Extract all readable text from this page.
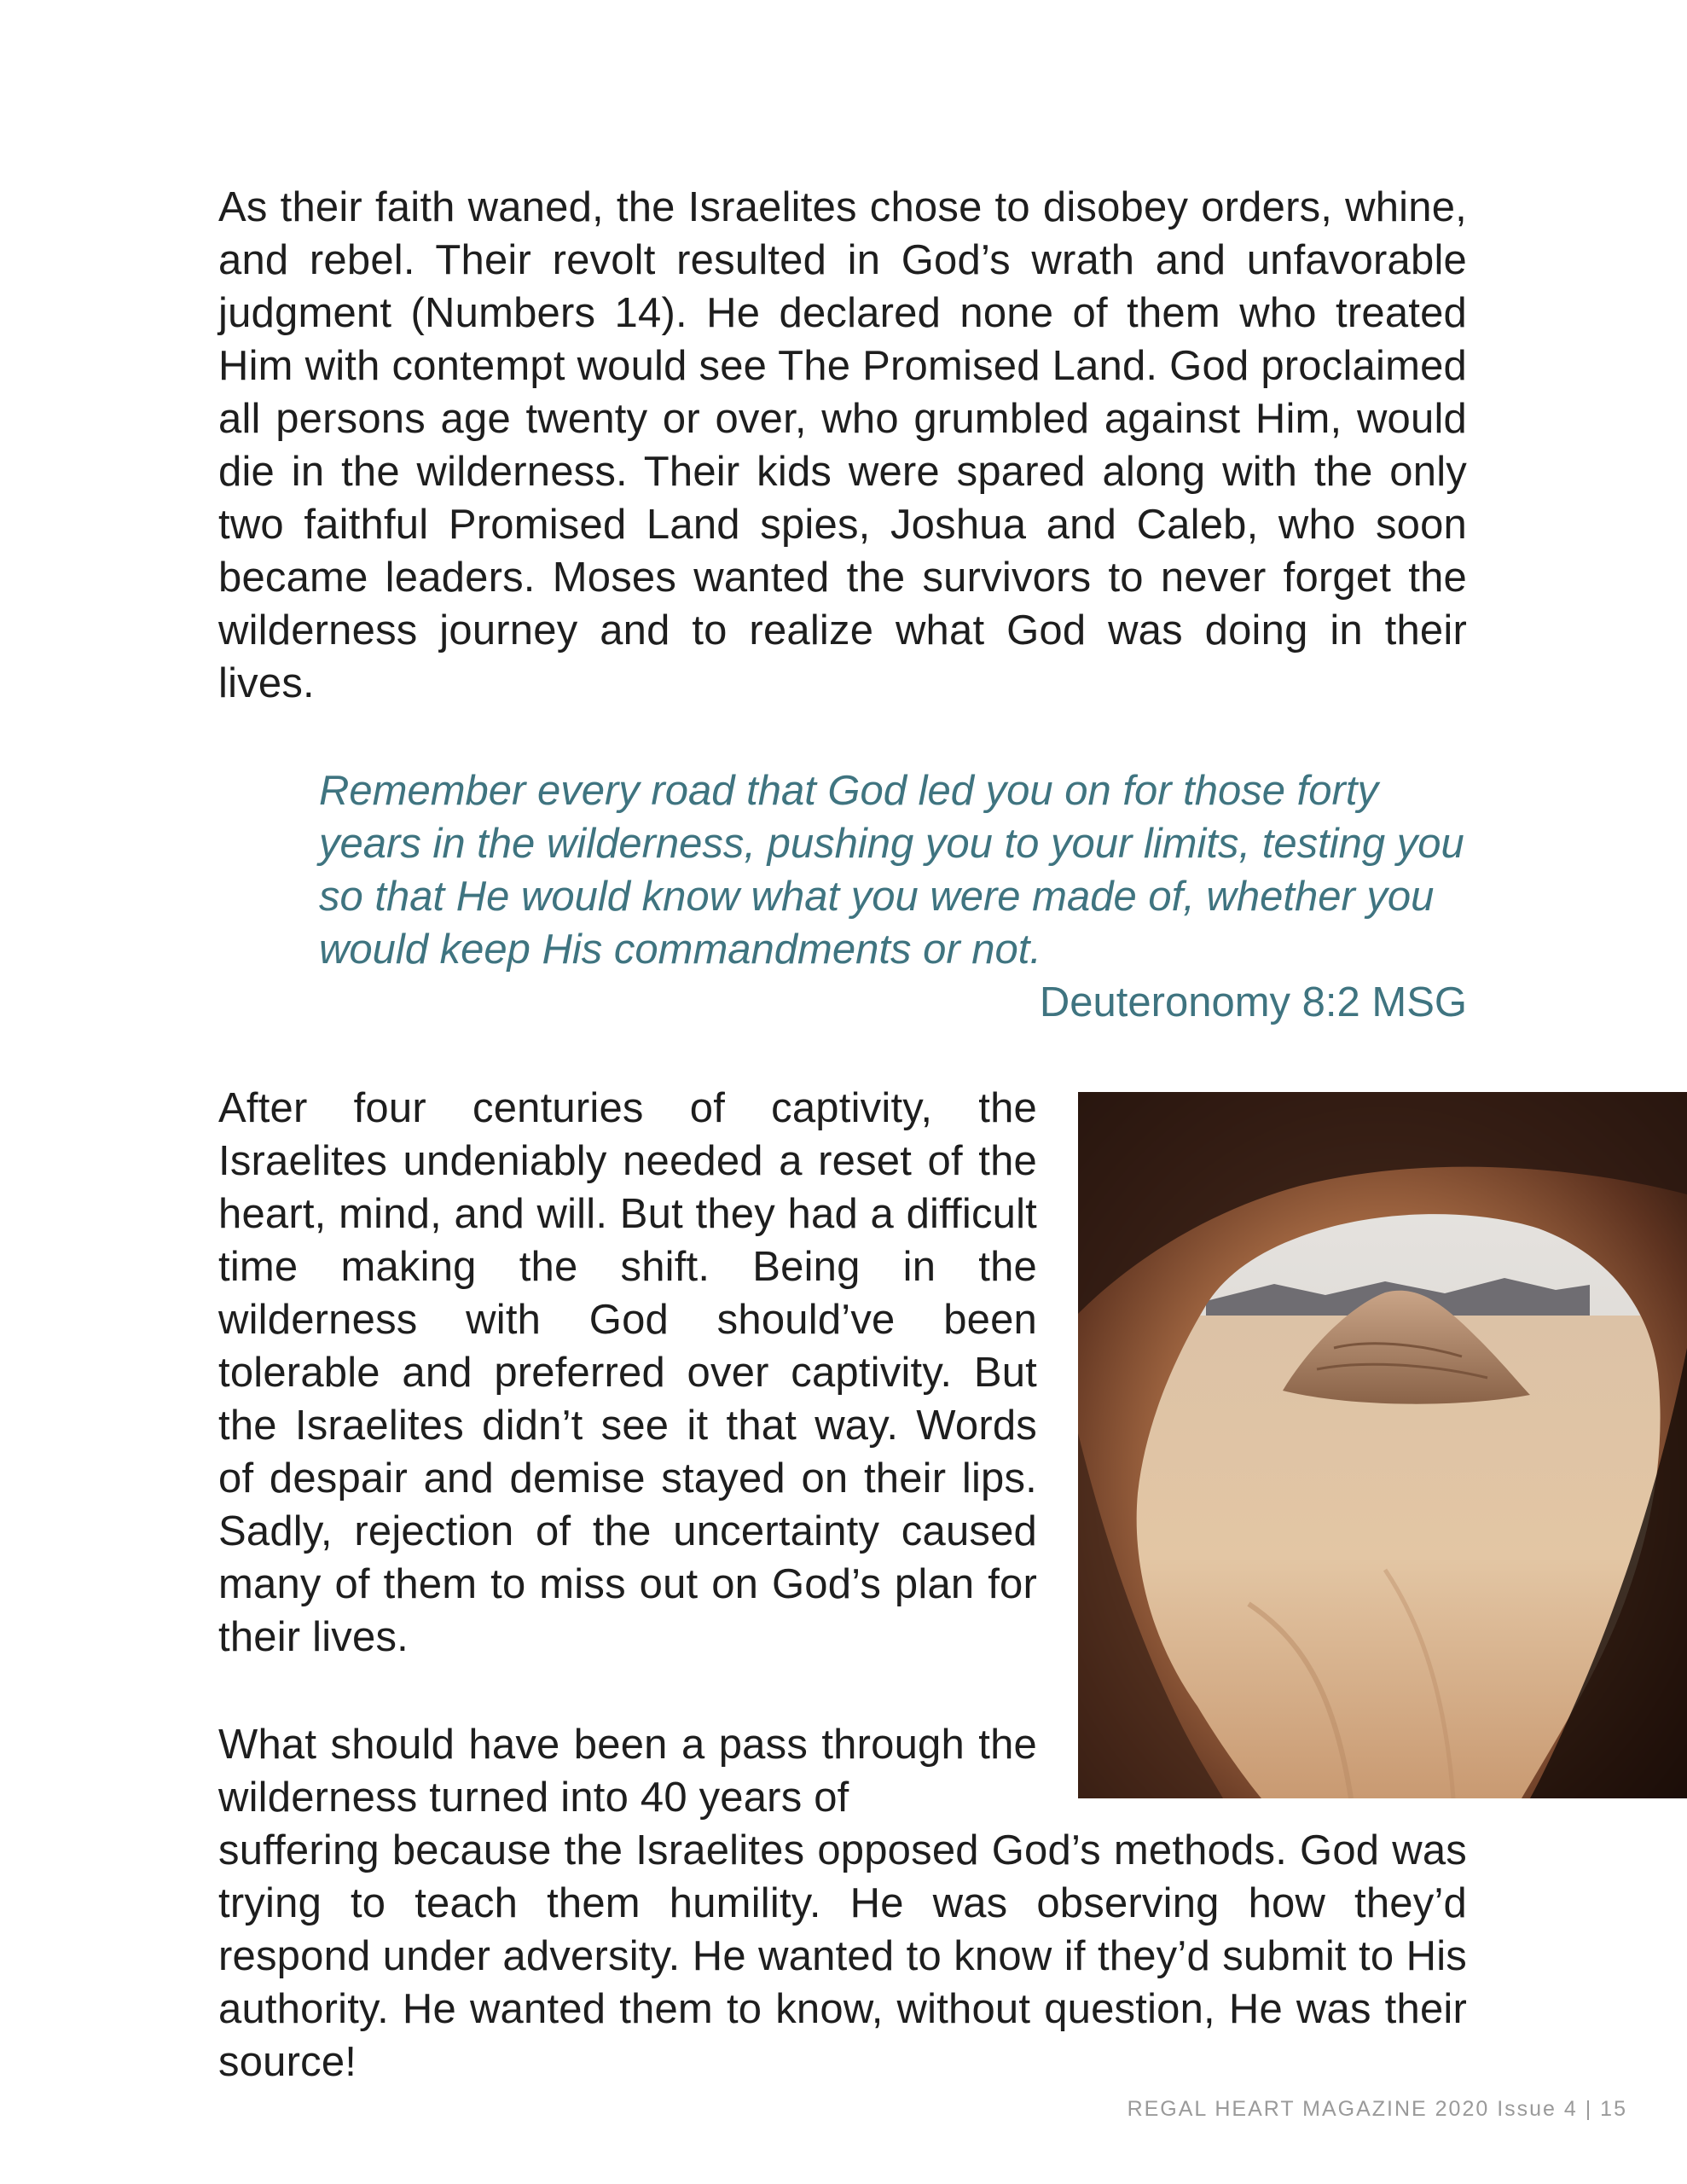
As their faith waned, the Israelites chose to disobey orders, whine, and rebel. Their revolt resulted in God’s wrath and unfavorable judgment (Numbers 14). He declared none of them who treated Him with contempt would see The Promised Land. God proclaimed all persons age twenty or over, who grumbled against Him, would die in the wilderness. Their kids were spared along with the only two faithful Promised Land spies, Joshua and Caleb, who soon became leaders. Moses wanted the survivors to never forget the wilderness journey and to realize what God was doing in their lives.

Remember every road that God led you on for those forty years in the wilderness, pushing you to your limits, testing you so that He would know what you were made of, whether you would keep His commandments or not.
Deuteronomy 8:2 MSG

After four centuries of captivity, the Israelites undeniably needed a reset of the heart, mind, and will. But they had a difficult time making the shift. Being in the wilderness with God should’ve been tolerable and preferred over captivity. But the Israelites didn’t see it that way. Words of despair and demise stayed on their lips. Sadly, rejection of the uncertainty caused many of them to miss out on God’s plan for their lives.

What should have been a pass through the wilderness turned into 40 years of

suffering because the Israelites opposed God’s methods. God was trying to teach them humility. He was observing how they’d respond under adversity. He wanted to know if they’d submit to His authority. He wanted them to know, without question, He was their source!

REGAL HEART MAGAZINE 2020 Issue 4 | 15
